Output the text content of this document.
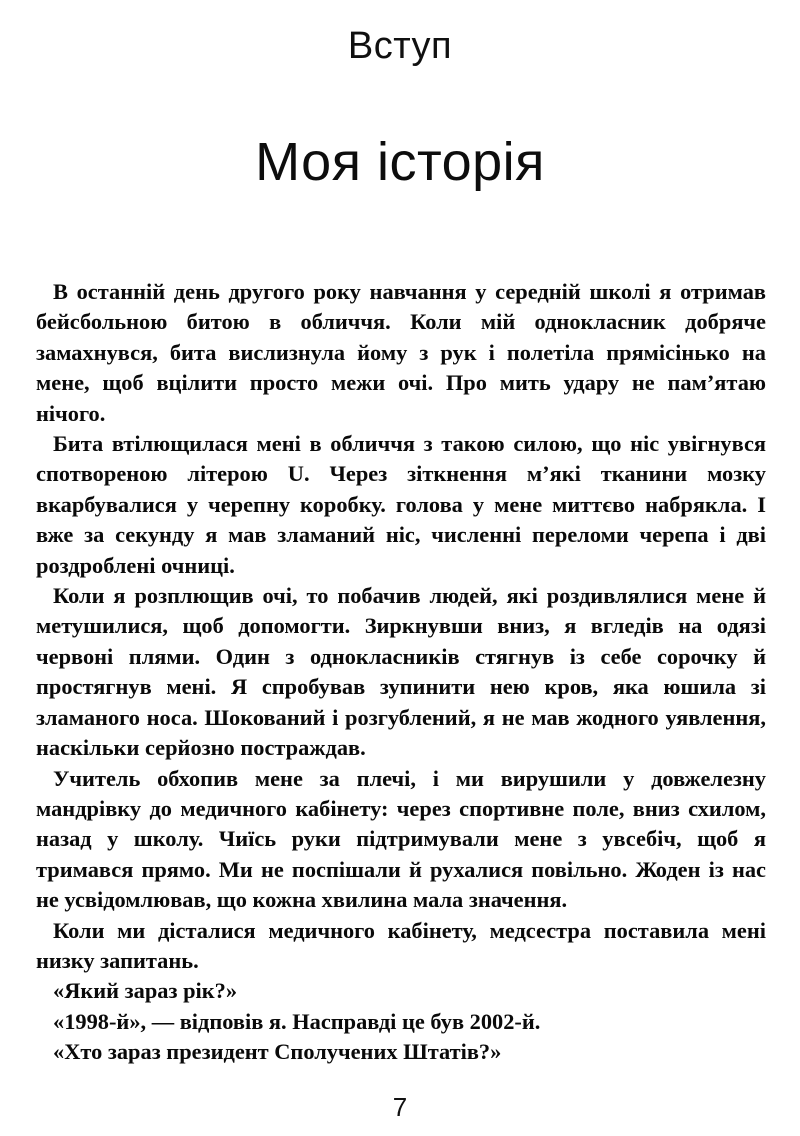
Вступ
Моя історія

В останній день другого року навчання у середній школі я отримав бейсбольною битою в обличчя. Коли мій однокласник добряче замахнувся, бита вислизнула йому з рук і полетіла прямісінько на мене, щоб вцілити просто межи очі. Про мить удару не пам’ятаю нічого.

Бита втілющилася мені в обличчя з такою силою, що ніс увігнувся спотвореною літерою U. Через зіткнення м’які тканини мозку вкарбувалися у черепну коробку. голова у мене миттєво набрякла. І вже за секунду я мав зламаний ніс, численні переломи черепа і дві роздроблені очниці.

Коли я розплющив очі, то побачив людей, які роздивлялися мене й метушилися, щоб допомогти. Зиркнувши вниз, я вгледів на одязі червоні плями. Один з однокласників стягнув із себе сорочку й простягнув мені. Я спробував зупинити нею кров, яка юшила зі зламаного носа. Шокований і розгублений, я не мав жодного уявлення, наскільки серйозно постраждав.

Учитель обхопив мене за плечі, і ми вирушили у довжелезну мандрівку до медичного кабінету: через спортивне поле, вниз схилом, назад у школу. Чиїсь руки підтримували мене з увсебіч, щоб я тримався прямо. Ми не поспішали й рухалися повільно. Жоден із нас не усвідомлював, що кожна хвилина мала значення.

Коли ми дісталися медичного кабінету, медсестра поставила мені низку запитань.

«Який зараз рік?»

«1998-й», — відповів я. Насправді це був 2002-й.

«Хто зараз президент Сполучених Штатів?»

7
